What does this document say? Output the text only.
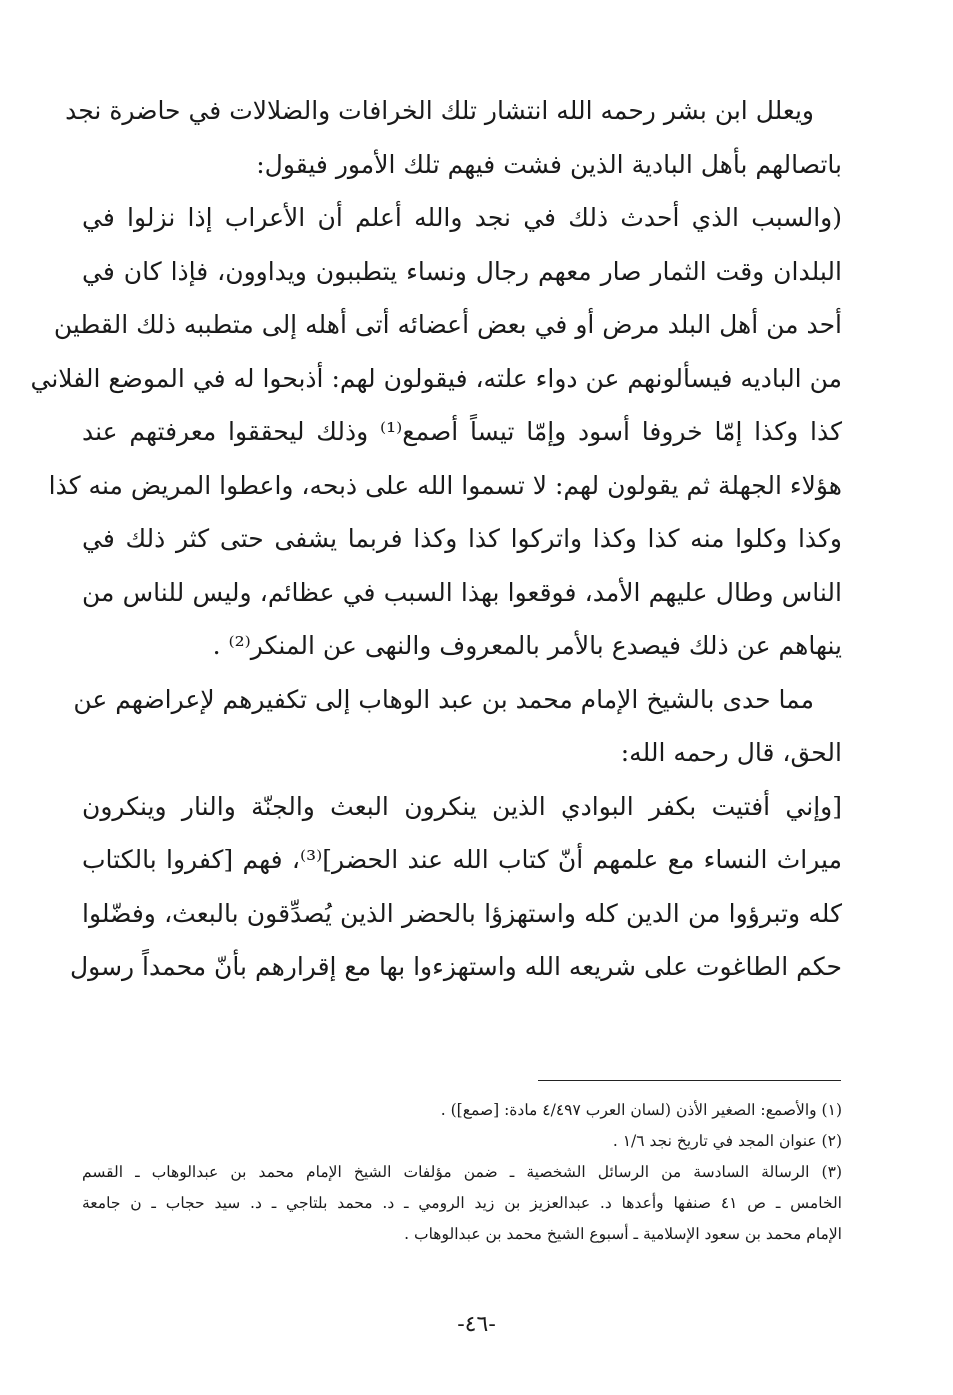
ويعلل ابن بشر رحمه الله انتشار تلك الخرافات والضلالات في حاضرة نجد
باتصالهم بأهل البادية الذين فشت فيهم تلك الأمور فيقول:

(والسبب الذي أحدث ذلك في نجد والله أعلم أن الأعراب إذا نزلوا في
البلدان وقت الثمار صار معهم رجال ونساء يتطببون ويداوون، فإذا كان في
أحد من أهل البلد مرض أو في بعض أعضائه أتى أهله إلى متطببه ذلك القطين
من الباديه فيسألونهم عن دواء علته، فيقولون لهم: أذبحوا له في الموضع الفلاني
كذا وكذا إمّا خروفا أسود وإمّا تيساً أصمع⁽¹⁾ وذلك ليحققوا معرفتهم عند
هؤلاء الجهلة ثم يقولون لهم: لا تسموا الله على ذبحه، واعطوا المريض منه كذا
وكذا وكلوا منه كذا وكذا واتركوا كذا وكذا فربما يشفى حتى كثر ذلك في
الناس وطال عليهم الأمد، فوقعوا بهذا السبب في عظائم، وليس للناس من
ينهاهم عن ذلك فيصدع بالأمر بالمعروف والنهى عن المنكر⁽²⁾ .

مما حدى بالشيخ الإمام محمد بن عبد الوهاب إلى تكفيرهم لإعراضهم عن
الحق، قال رحمه الله:

[وإني أفتيت بكفر البوادي الذين ينكرون البعث والجنّة والنار وينكرون
ميراث النساء مع علمهم أنّ كتاب الله عند الحضر]⁽³⁾، فهم [كفروا بالكتاب
كله وتبرؤوا من الدين كله واستهزؤا بالحضر الذين يُصدِّقون بالبعث، وفضّلوا
حكم الطاغوت على شريعه الله واستهزءوا بها مع إقرارهم بأنّ محمداً رسول

(١) والأصمع: الصغير الأذن (لسان العرب ٤/٤٩٧ مادة: [صمع]) .

(٢) عنوان المجد في تاريخ نجد ١/٦ .

(٣) الرسالة السادسة من الرسائل الشخصية ـ ضمن مؤلفات الشيخ الإمام محمد بن عبدالوهاب ـ القسم
الخامس ـ ص ٤١ صنفها وأعدها د. عبدالعزيز بن زيد الرومي ـ د. محمد بلتاجي ـ د. سيد حجاب ـ ن جامعة
الإمام محمد بن سعود الإسلامية ـ أسبوع الشيخ محمد بن عبدالوهاب .

-٤٦-
